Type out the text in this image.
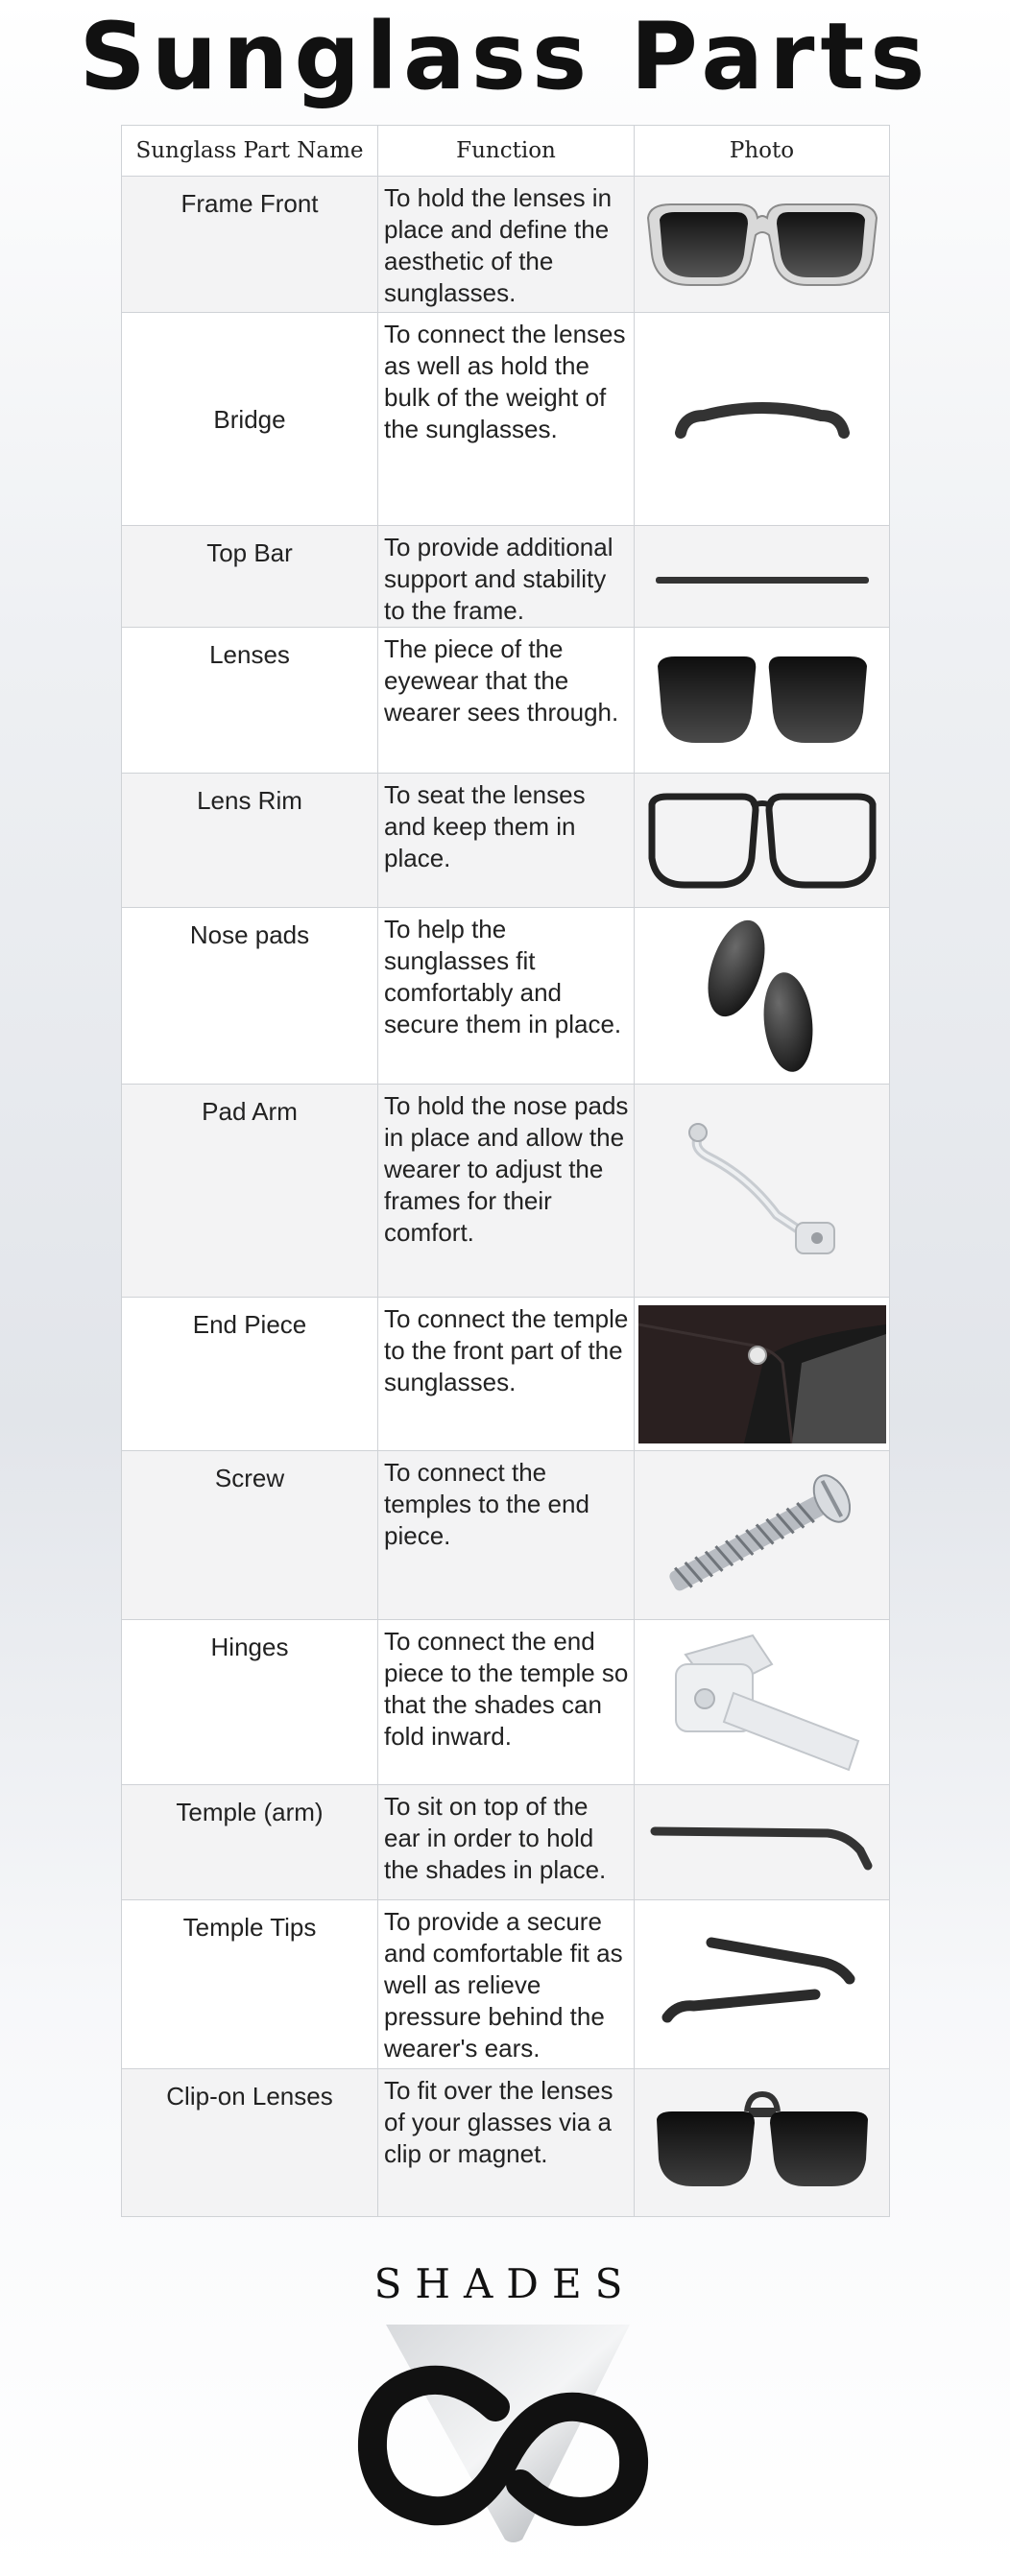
Sunglass Parts
Sunglass Part Name	Function	Photo
Frame Front	To hold the lenses in place and define the aesthetic of the sunglasses.	

Bridge	To connect the lenses as well as hold the bulk of the weight of the sunglasses.	

Top Bar	To provide additional support and stability to the frame.	

Lenses	The piece of the eyewear that the wearer sees through.	

Lens Rim	To seat the lenses and keep them in place.	

Nose pads	To help the sunglasses fit comfortably and secure them in place.	

Pad Arm	To hold the nose pads in place and allow the wearer to adjust the frames for their comfort.	

End Piece	To connect the temple to the front part of the sunglasses.	

Screw	To connect the temples to the end piece.	

Hinges	To connect the end piece to the temple so that the shades can fold inward.	

Temple (arm)	To sit on top of the ear in order to hold the shades in place.	

Temple Tips	To provide a secure and comfortable fit as well as relieve pressure behind the wearer's ears.	

Clip-on Lenses	To fit over the lenses of your glasses via a clip or magnet.	
SHADES
